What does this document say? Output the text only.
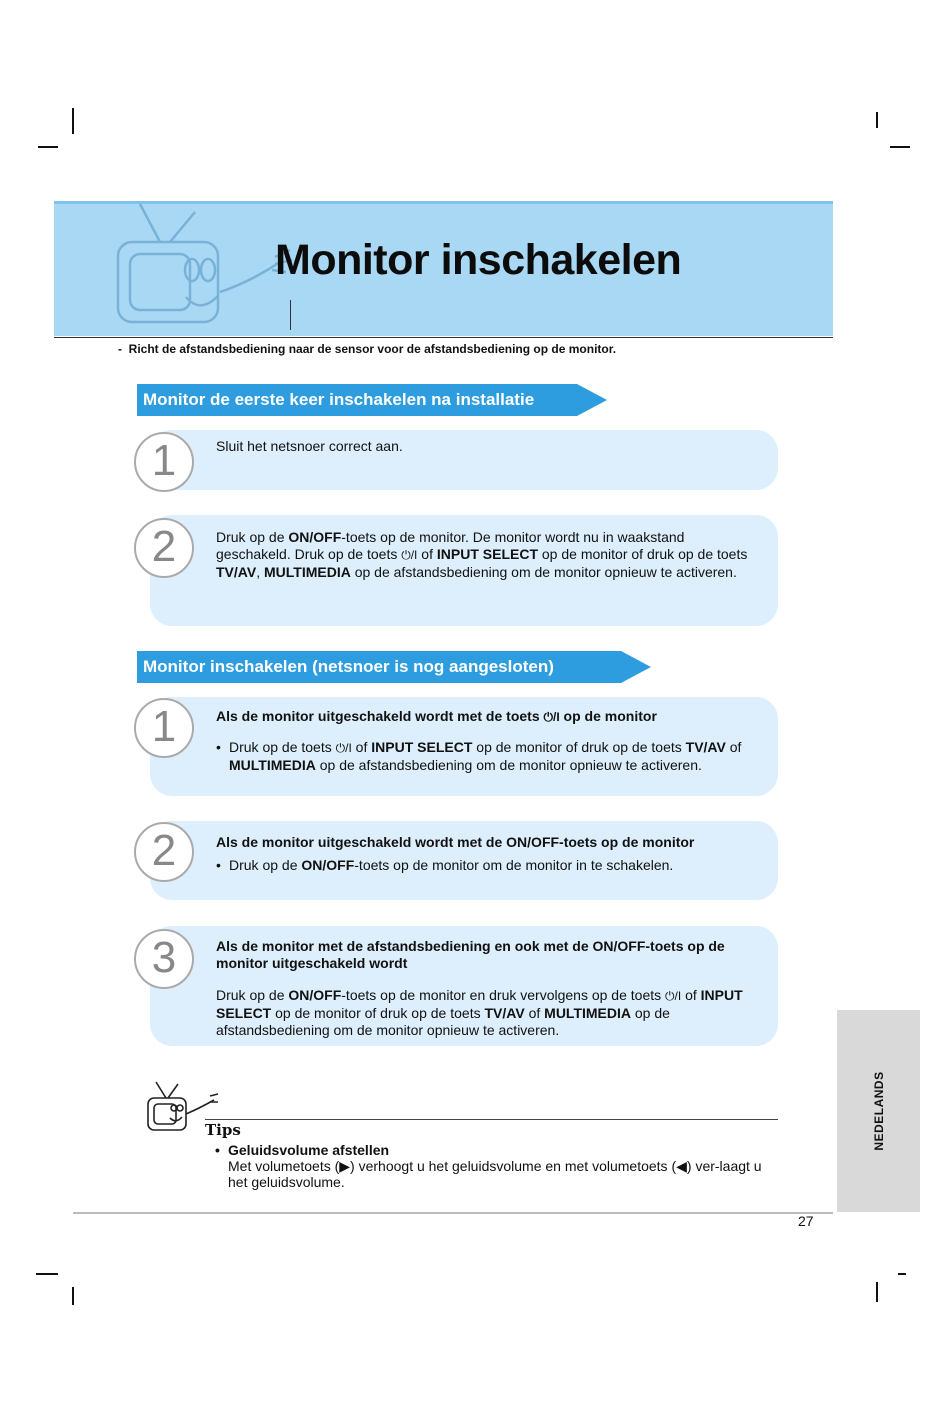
Monitor inschakelen
- Richt de afstandsbediening naar de sensor voor de afstandsbediening op de monitor.
Monitor de eerste keer inschakelen na installatie
1	Sluit het netsnoer correct aan.
2	Druk op de ON/OFF-toets op de monitor. De monitor wordt nu in waakstand geschakeld. Druk op de toets ⏻/I of INPUT SELECT op de monitor of druk op de toets TV/AV, MULTIMEDIA op de afstandsbediening om de monitor opnieuw te activeren.
Monitor inschakelen (netsnoer is nog aangesloten)
1	Als de monitor uitgeschakeld wordt met de toets ⏻/I op de monitor
• Druk op de toets ⏻/I of INPUT SELECT op de monitor of druk op de toets TV/AV of MULTIMEDIA op de afstandsbediening om de monitor opnieuw te activeren.
2	Als de monitor uitgeschakeld wordt met de ON/OFF-toets op de monitor
• Druk op de ON/OFF-toets op de monitor om de monitor in te schakelen.
3	Als de monitor met de afstandsbediening en ook met de ON/OFF-toets op de monitor uitgeschakeld wordt
Druk op de ON/OFF-toets op de monitor en druk vervolgens op de toets ⏻/I of INPUT SELECT op de monitor of druk op de toets TV/AV of MULTIMEDIA op de afstandsbediening om de monitor opnieuw te activeren.
Tips
• Geluidsvolume afstellen
Met volumetoets (▶) verhoogt u het geluidsvolume en met volumetoets (◀) ver-laagt u het geluidsvolume.
NEDELANDS
27
